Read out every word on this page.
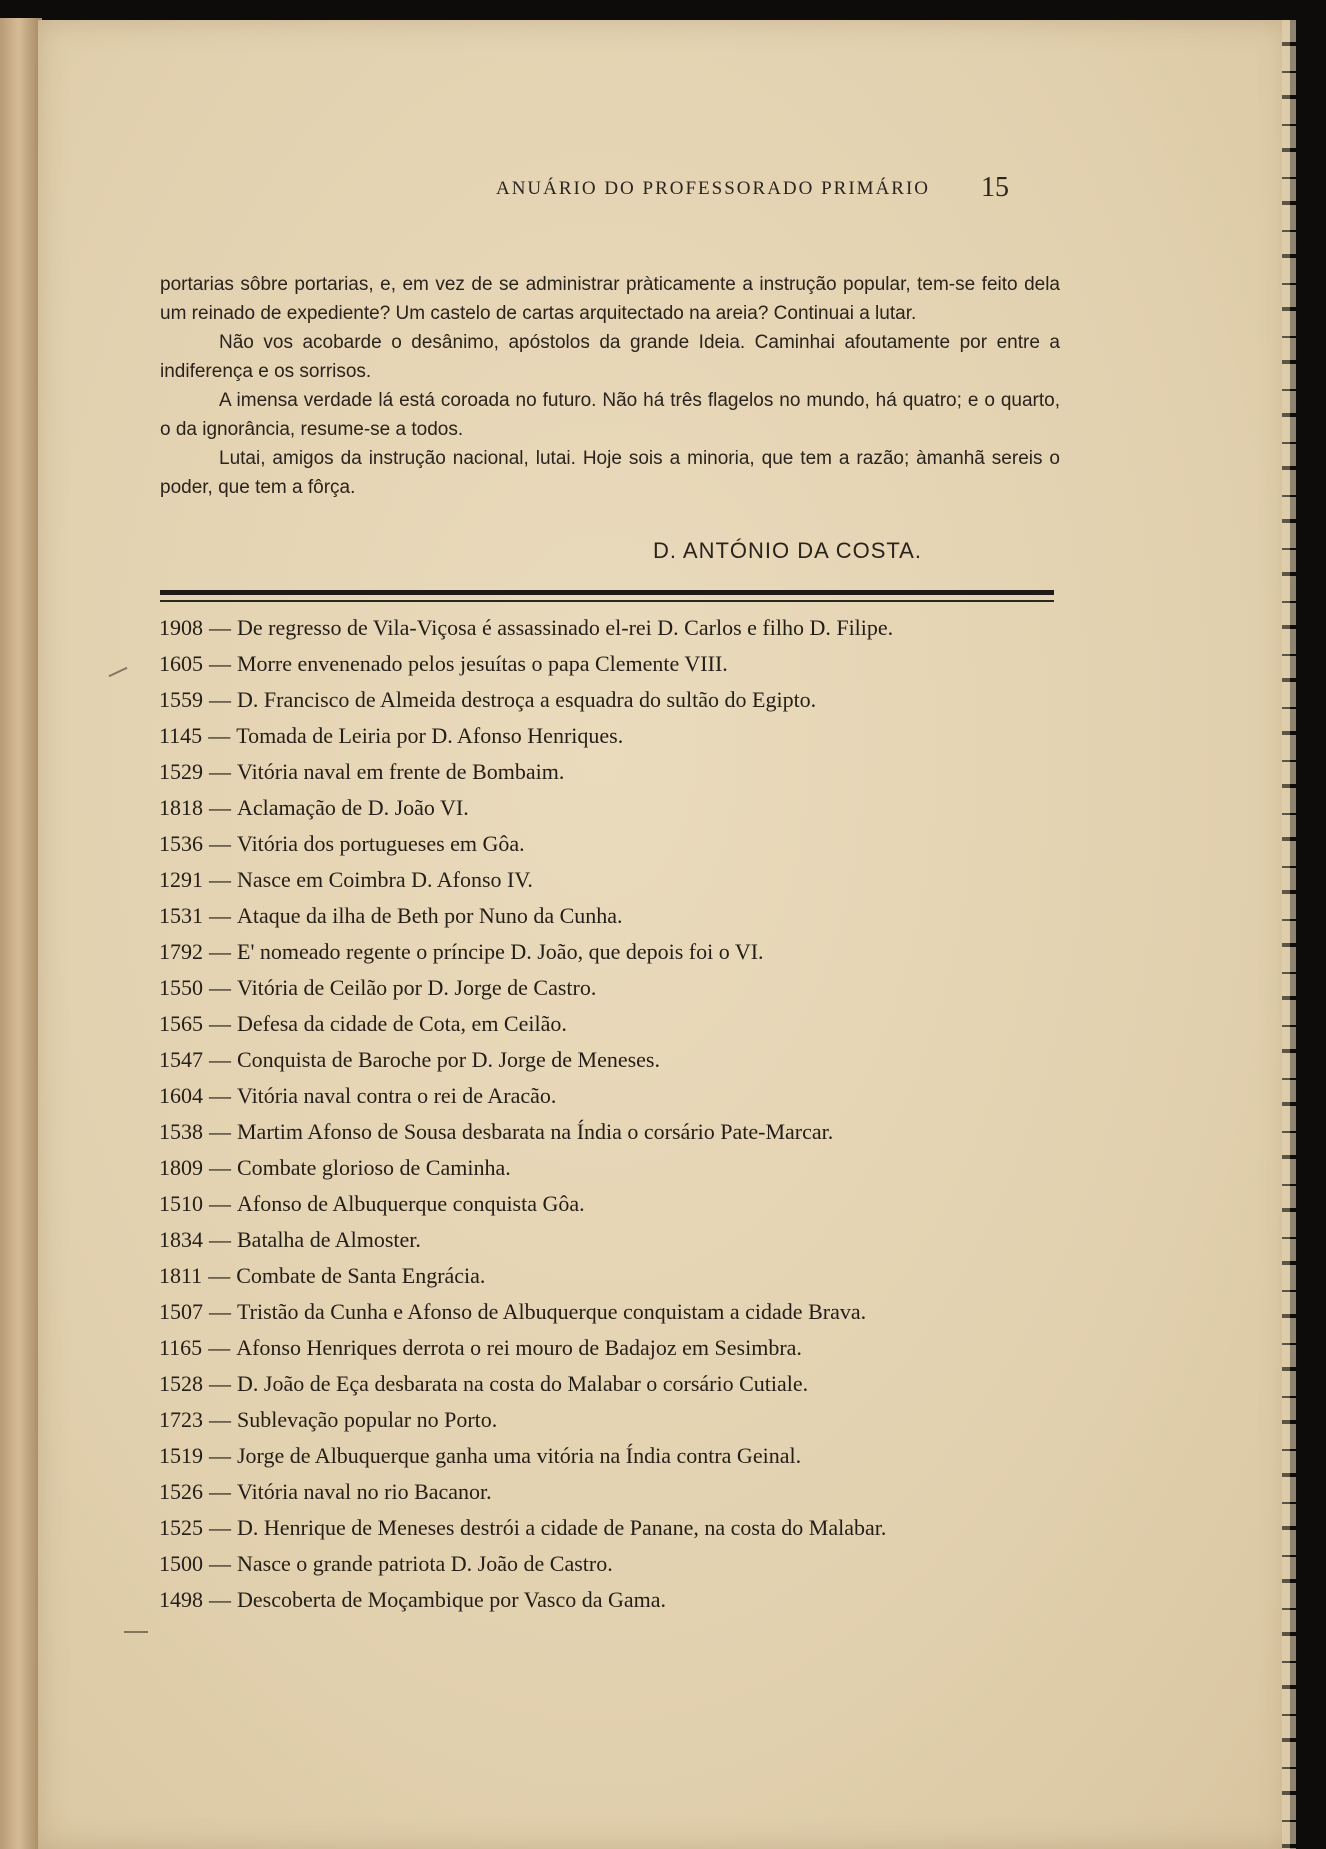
ANUÁRIO DO PROFESSORADO PRIMÁRIO 15

portarias sôbre portarias, e, em vez de se administrar pràticamente a instrução popular, tem-se feito dela um reinado de expediente? Um castelo de cartas arquitectado na areia? Continuai a lutar.

Não vos acobarde o desânimo, apóstolos da grande Ideia. Caminhai afoutamente por entre a indiferença e os sorrisos.

A imensa verdade lá está coroada no futuro. Não há três flagelos no mundo, há quatro; e o quarto, o da ignorância, resume-se a todos.

Lutai, amigos da instrução nacional, lutai. Hoje sois a minoria, que tem a razão; àmanhã sereis o poder, que tem a fôrça.

D. ANTÓNIO DA COSTA.
1908 — De regresso de Vila-Viçosa é assassinado el-rei D. Carlos e filho D. Filipe.
1605 — Morre envenenado pelos jesuítas o papa Clemente VIII.
1559 — D. Francisco de Almeida destroça a esquadra do sultão do Egipto.
1145 — Tomada de Leiria por D. Afonso Henriques.
1529 — Vitória naval em frente de Bombaim.
1818 — Aclamação de D. João VI.
1536 — Vitória dos portugueses em Gôa.
1291 — Nasce em Coimbra D. Afonso IV.
1531 — Ataque da ilha de Beth por Nuno da Cunha.
1792 — E' nomeado regente o príncipe D. João, que depois foi o VI.
1550 — Vitória de Ceilão por D. Jorge de Castro.
1565 — Defesa da cidade de Cota, em Ceilão.
1547 — Conquista de Baroche por D. Jorge de Meneses.
1604 — Vitória naval contra o rei de Aracão.
1538 — Martim Afonso de Sousa desbarata na Índia o corsário Pate-Marcar.
1809 — Combate glorioso de Caminha.
1510 — Afonso de Albuquerque conquista Gôa.
1834 — Batalha de Almoster.
1811 — Combate de Santa Engrácia.
1507 — Tristão da Cunha e Afonso de Albuquerque conquistam a cidade Brava.
1165 — Afonso Henriques derrota o rei mouro de Badajoz em Sesimbra.
1528 — D. João de Eça desbarata na costa do Malabar o corsário Cutiale.
1723 — Sublevação popular no Porto.
1519 — Jorge de Albuquerque ganha uma vitória na Índia contra Geinal.
1526 — Vitória naval no rio Bacanor.
1525 — D. Henrique de Meneses destrói a cidade de Panane, na costa do Malabar.
1500 — Nasce o grande patriota D. João de Castro.
1498 — Descoberta de Moçambique por Vasco da Gama.
